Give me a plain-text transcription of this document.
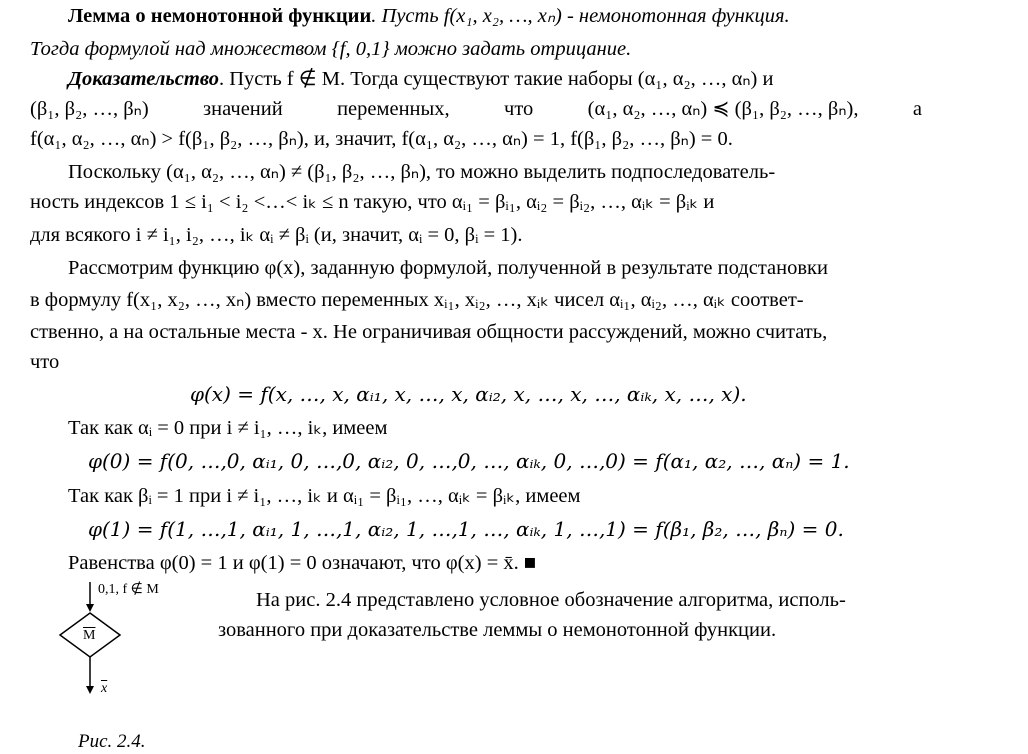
Лемма о немонотонной функции. Пусть f(x₁, x₂, …, xₙ) - немонотонная функция.
Тогда формулой над множеством {f, 0,1} можно задать отрицание.
Доказательство. Пусть f ∉ M. Тогда существуют такие наборы (α₁, α₂, …, αₙ) и
(β₁, β₂, …, βₙ)	значений	переменных,	что	(α₁, α₂, …, αₙ) ≼ (β₁, β₂, …, βₙ),	а
f(α₁, α₂, …, αₙ) > f(β₁, β₂, …, βₙ), и, значит, f(α₁, α₂, …, αₙ) = 1, f(β₁, β₂, …, βₙ) = 0.
Поскольку (α₁, α₂, …, αₙ) ≠ (β₁, β₂, …, βₙ), то можно выделить подпоследователь-
ность индексов 1 ≤ i₁ < i₂ <…< iₖ ≤ n такую, что αᵢ₁ = βᵢ₁, αᵢ₂ = βᵢ₂, …, αᵢₖ = βᵢₖ и
для всякого i ≠ i₁, i₂, …, iₖ αᵢ ≠ βᵢ (и, значит, αᵢ = 0, βᵢ = 1).
Рассмотрим функцию φ(x), заданную формулой, полученной в результате подстановки
в формулу f(x₁, x₂, …, xₙ) вместо переменных xᵢ₁, xᵢ₂, …, xᵢₖ чисел αᵢ₁, αᵢ₂, …, αᵢₖ соответ-
ственно, а на остальные места - x. Не ограничивая общности рассуждений, можно считать,
что
φ(x) = f(x, …, x, αᵢ₁, x, …, x, αᵢ₂, x, …, x, …, αᵢₖ, x, …, x).
Так как αᵢ = 0 при i ≠ i₁, …, iₖ, имеем
φ(0) = f(0, …,0, αᵢ₁, 0, …,0, αᵢ₂, 0, …,0, …, αᵢₖ, 0, …,0) = f(α₁, α₂, …, αₙ) = 1.
Так как βᵢ = 1 при i ≠ i₁, …, iₖ и αᵢ₁ = βᵢ₁, …, αᵢₖ = βᵢₖ, имеем
φ(1) = f(1, …,1, αᵢ₁, 1, …,1, αᵢ₂, 1, …,1, …, αᵢₖ, 1, …,1) = f(β₁, β₂, …, βₙ) = 0.
Равенства φ(0) = 1 и φ(1) = 0 означают, что φ(x) = x̄. ■
0,1, f ∉ M
$\overline{M}$
$\overline{x}$
Рис. 2.4.
На рис. 2.4 представлено условное обозначение алгоритма, исполь-
зованного при доказательстве леммы о немонотонной функции.
